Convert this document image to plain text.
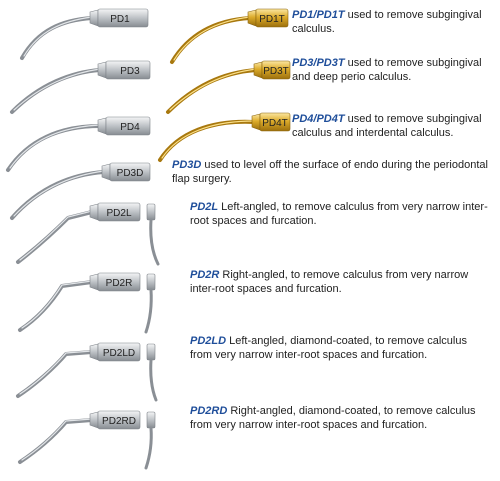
PD1
PD3
PD4
PD3D
PD1T
PD3T
PD4T
PD2L
PD2R
PD2LD
PD2RD
PD1/PD1T used to remove subgingival calculus.
PD3/PD3T used to remove subgingival and deep perio calculus.
PD4/PD4T used to remove subgingival calculus and interdental calculus.
PD3D used to level off the surface of endo during the periodontal flap surgery.
PD2L Left-angled, to remove calculus from very narrow inter-root spaces and furcation.
PD2R Right-angled, to remove calculus from very narrow inter-root spaces and furcation.
PD2LD Left-angled, diamond-coated, to remove calculus from very narrow inter-root spaces and furcation.
PD2RD Right-angled, diamond-coated, to remove calculus from very narrow inter-root spaces and furcation.
